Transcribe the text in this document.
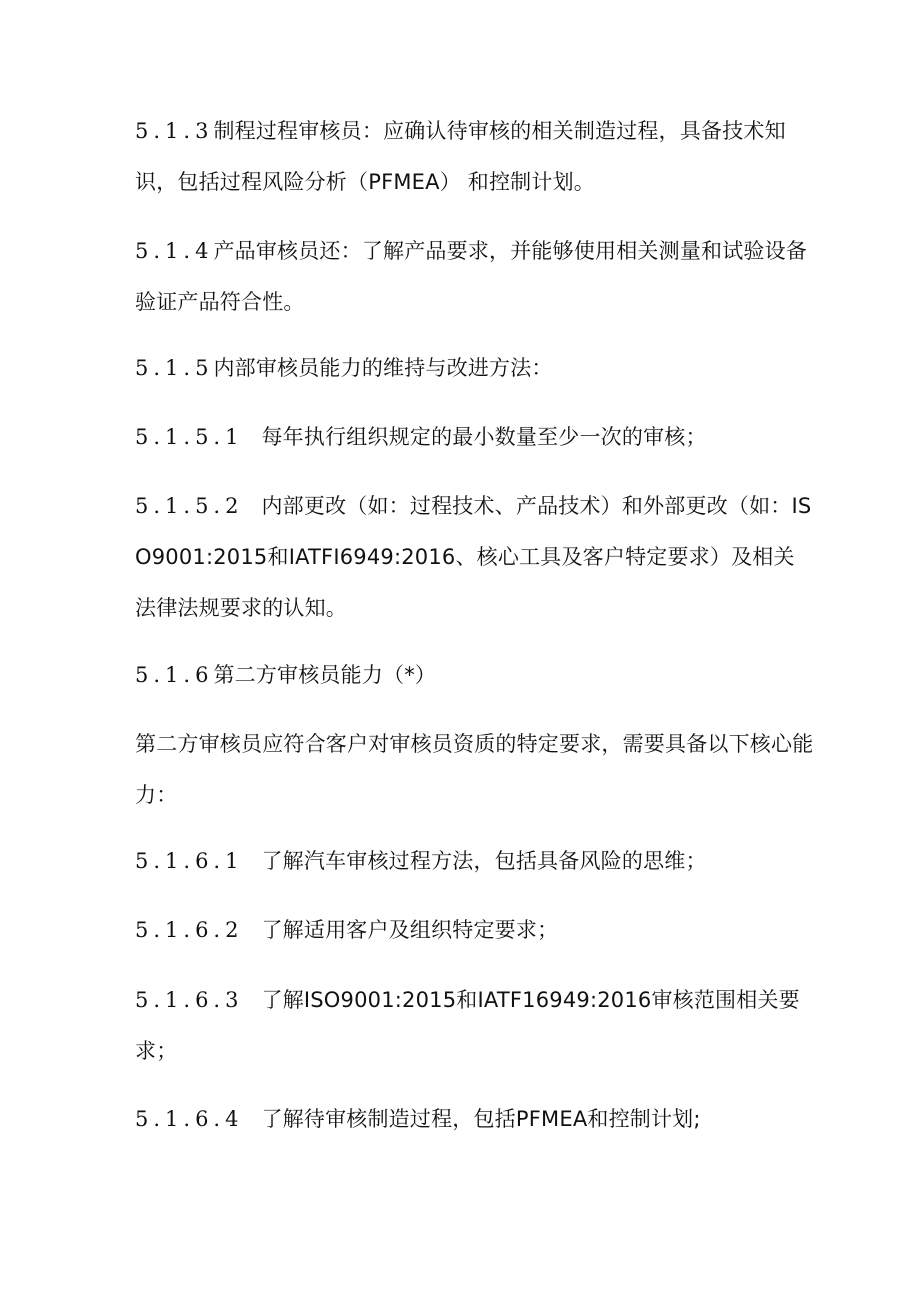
5.1.3制程过程审核员：应确认待审核的相关制造过程，具备技术知识，包括过程风险分析（PFMEA） 和控制计划。

5.1.4产品审核员还：了解产品要求，并能够使用相关测量和试验设备验证产品符合性。

5.1.5内部审核员能力的维持与改进方法：

5.1.5.1 每年执行组织规定的最小数量至少一次的审核；

5.1.5.2 内部更改（如：过程技术、产品技术）和外部更改（如：ISO9001:2015和IATFI6949:2016、核心工具及客户特定要求）及相关法律法规要求的认知。

5.1.6第二方审核员能力（*）

第二方审核员应符合客户对审核员资质的特定要求，需要具备以下核心能力：

5.1.6.1 了解汽车审核过程方法，包括具备风险的思维；

5.1.6.2 了解适用客户及组织特定要求；

5.1.6.3 了解ISO9001:2015和IATF16949:2016审核范围相关要求；

5.1.6.4 了解待审核制造过程，包括PFMEA和控制计划;
